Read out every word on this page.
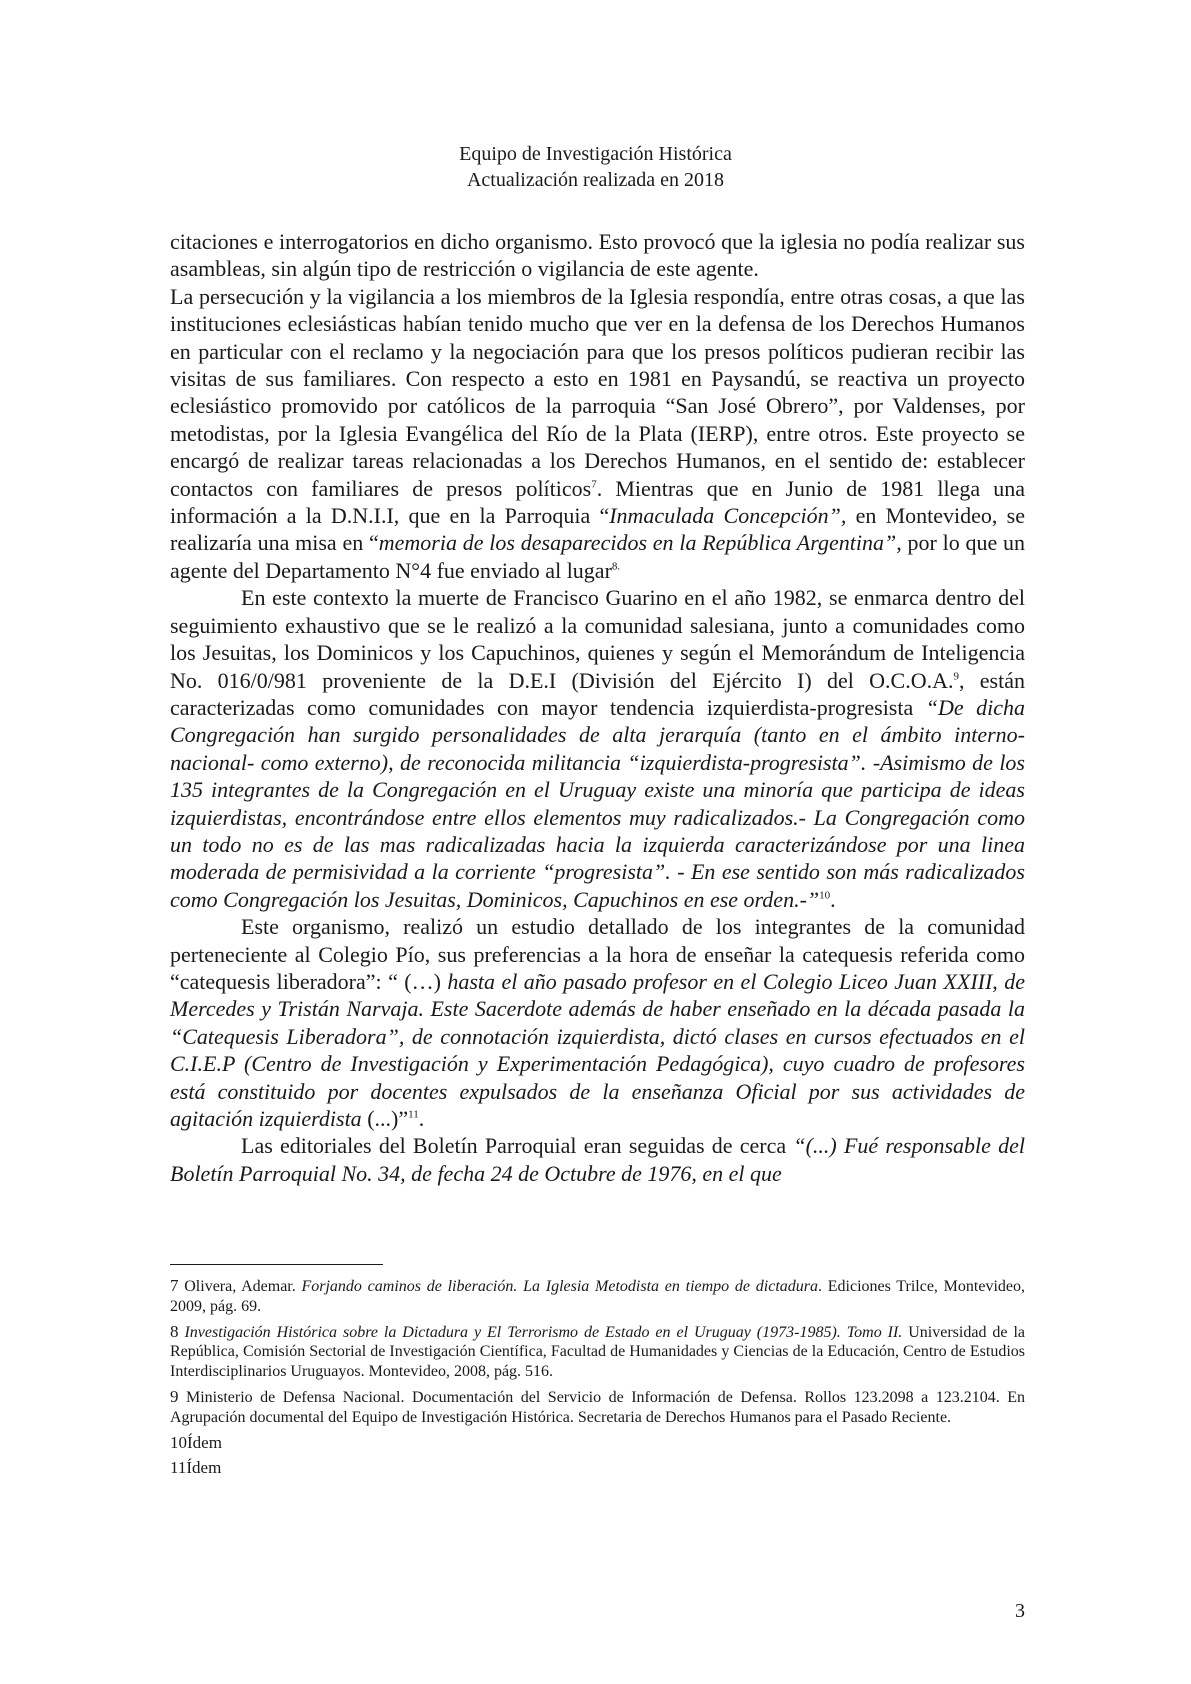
Equipo de Investigación Histórica
Actualización realizada en 2018

citaciones e interrogatorios en dicho organismo. Esto provocó que la iglesia no podía realizar sus asambleas, sin algún tipo de restricción o vigilancia de este agente.

La persecución y la vigilancia a los miembros de la Iglesia respondía, entre otras cosas, a que las instituciones eclesiásticas habían tenido mucho que ver en la defensa de los Derechos Humanos en particular con el reclamo y la negociación para que los presos políticos pudieran recibir las visitas de sus familiares. Con respecto a esto en 1981 en Paysandú, se reactiva un proyecto eclesiástico promovido por católicos de la parroquia “San José Obrero”, por Valdenses, por metodistas, por la Iglesia Evangélica del Río de la Plata (IERP), entre otros. Este proyecto se encargó de realizar tareas relacionadas a los Derechos Humanos, en el sentido de: establecer contactos con familiares de presos políticos$^7$. Mientras que en Junio de 1981 llega una información a la D.N.I.I, que en la Parroquia “Inmaculada Concepción”, en Montevideo, se realizaría una misa en “memoria de los desaparecidos en la República Argentina”, por lo que un agente del Departamento N°4 fue enviado al lugar$^{8.}$

En este contexto la muerte de Francisco Guarino en el año 1982, se enmarca dentro del seguimiento exhaustivo que se le realizó a la comunidad salesiana, junto a comunidades como los Jesuitas, los Dominicos y los Capuchinos, quienes y según el Memorándum de Inteligencia No. 016/0/981 proveniente de la D.E.I (División del Ejército I) del O.C.O.A.$^9$, están caracterizadas como comunidades con mayor tendencia izquierdista-progresista “De dicha Congregación han surgido personalidades de alta jerarquía (tanto en el ámbito interno-nacional- como externo), de reconocida militancia “izquierdista-progresista”. -Asimismo de los 135 integrantes de la Congregación en el Uruguay existe una minoría que participa de ideas izquierdistas, encontrándose entre ellos elementos muy radicalizados.- La Congregación como un todo no es de las mas radicalizadas hacia la izquierda caracterizándose por una linea moderada de permisividad a la corriente “progresista”. - En ese sentido son más radicalizados como Congregación los Jesuitas, Dominicos, Capuchinos en ese orden.-”$^{10}$.

Este organismo, realizó un estudio detallado de los integrantes de la comunidad perteneciente al Colegio Pío, sus preferencias a la hora de enseñar la catequesis referida como “catequesis liberadora”: “ (…) hasta el año pasado profesor en el Colegio Liceo Juan XXIII, de Mercedes y Tristán Narvaja. Este Sacerdote además de haber enseñado en la década pasada la “Catequesis Liberadora”, de connotación izquierdista, dictó clases en cursos efectuados en el C.I.E.P (Centro de Investigación y Experimentación Pedagógica), cuyo cuadro de profesores está constituido por docentes expulsados de la enseñanza Oficial por sus actividades de agitación izquierdista (...)”$^{11}$.

Las editoriales del Boletín Parroquial eran seguidas de cerca “(...) Fué responsable del Boletín Parroquial No. 34, de fecha 24 de Octubre de 1976, en el que

7 Olivera, Ademar. Forjando caminos de liberación. La Iglesia Metodista en tiempo de dictadura. Ediciones Trilce, Montevideo, 2009, pág. 69.

8 Investigación Histórica sobre la Dictadura y El Terrorismo de Estado en el Uruguay (1973-1985). Tomo II. Universidad de la República, Comisión Sectorial de Investigación Científica, Facultad de Humanidades y Ciencias de la Educación, Centro de Estudios Interdisciplinarios Uruguayos. Montevideo, 2008, pág. 516.

9 Ministerio de Defensa Nacional. Documentación del Servicio de Información de Defensa. Rollos 123.2098 a 123.2104. En Agrupación documental del Equipo de Investigación Histórica. Secretaria de Derechos Humanos para el Pasado Reciente.

10Ídem

11Ídem

3
